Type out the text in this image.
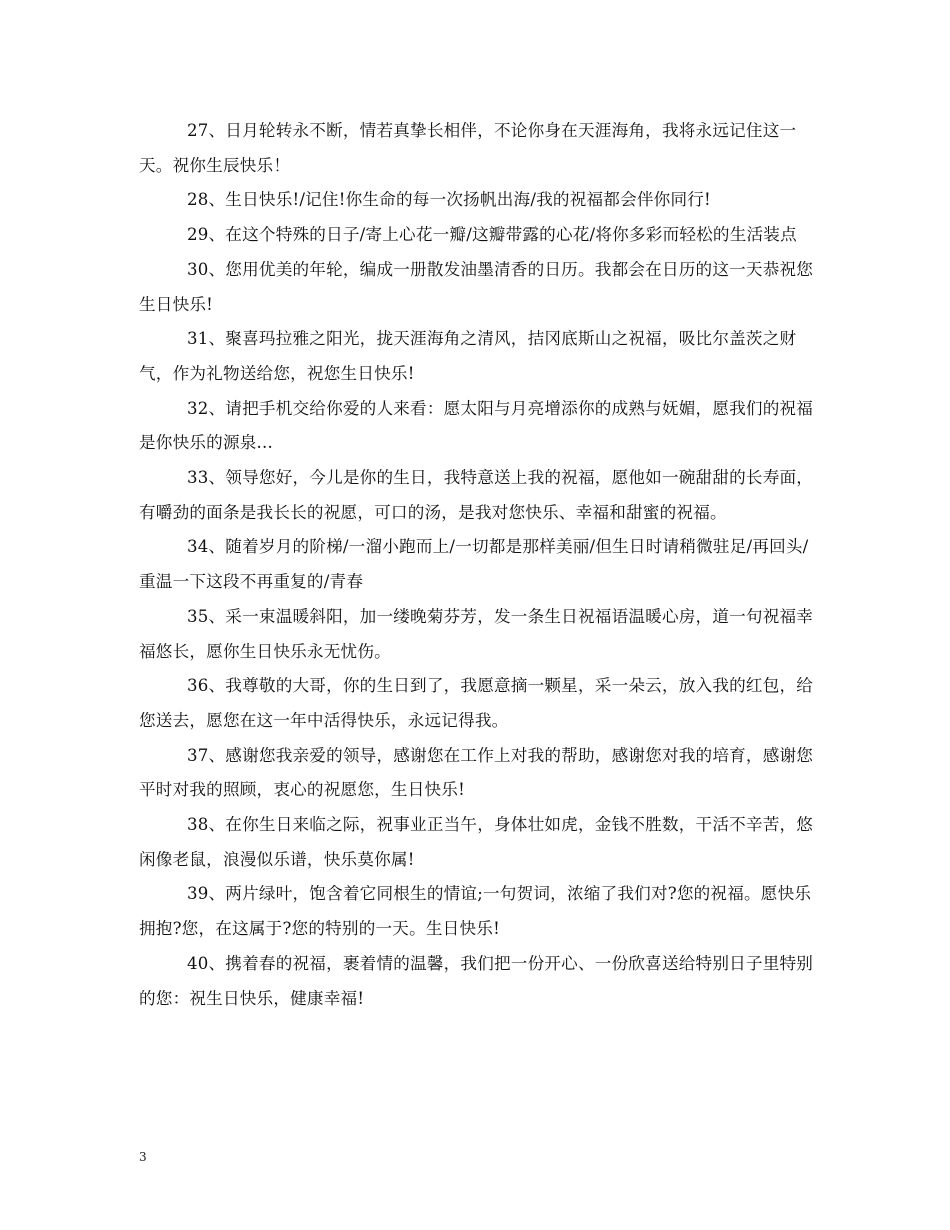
27、日月轮转永不断，情若真挚长相伴，不论你身在天涯海角，我将永远记住这一天。祝你生辰快乐！

28、生日快乐!/记住!你生命的每一次扬帆出海/我的祝福都会伴你同行!

29、在这个特殊的日子/寄上心花一瓣/这瓣带露的心花/将你多彩而轻松的生活装点

30、您用优美的年轮，编成一册散发油墨清香的日历。我都会在日历的这一天恭祝您生日快乐!

31、聚喜玛拉雅之阳光，拢天涯海角之清风，拮冈底斯山之祝福，吸比尔盖茨之财气，作为礼物送给您，祝您生日快乐!

32、请把手机交给你爱的人来看：愿太阳与月亮增添你的成熟与妩媚，愿我们的祝福是你快乐的源泉...

33、领导您好，今儿是你的生日，我特意送上我的祝福，愿他如一碗甜甜的长寿面，有嚼劲的面条是我长长的祝愿，可口的汤，是我对您快乐、幸福和甜蜜的祝福。

34、随着岁月的阶梯/一溜小跑而上/一切都是那样美丽/但生日时请稍微驻足/再回头/重温一下这段不再重复的/青春

35、采一束温暖斜阳，加一缕晚菊芬芳，发一条生日祝福语温暖心房，道一句祝福幸福悠长，愿你生日快乐永无忧伤。

36、我尊敬的大哥，你的生日到了，我愿意摘一颗星，采一朵云，放入我的红包，给您送去，愿您在这一年中活得快乐，永远记得我。

37、感谢您我亲爱的领导，感谢您在工作上对我的帮助，感谢您对我的培育，感谢您平时对我的照顾，衷心的祝愿您，生日快乐!

38、在你生日来临之际，祝事业正当午，身体壮如虎，金钱不胜数，干活不辛苦，悠闲像老鼠，浪漫似乐谱，快乐莫你属!

39、两片绿叶，饱含着它同根生的情谊;一句贺词，浓缩了我们对?您的祝福。愿快乐拥抱?您，在这属于?您的特别的一天。生日快乐!

40、携着春的祝福，裹着情的温馨，我们把一份开心、一份欣喜送给特别日子里特别的您：祝生日快乐，健康幸福!

3
